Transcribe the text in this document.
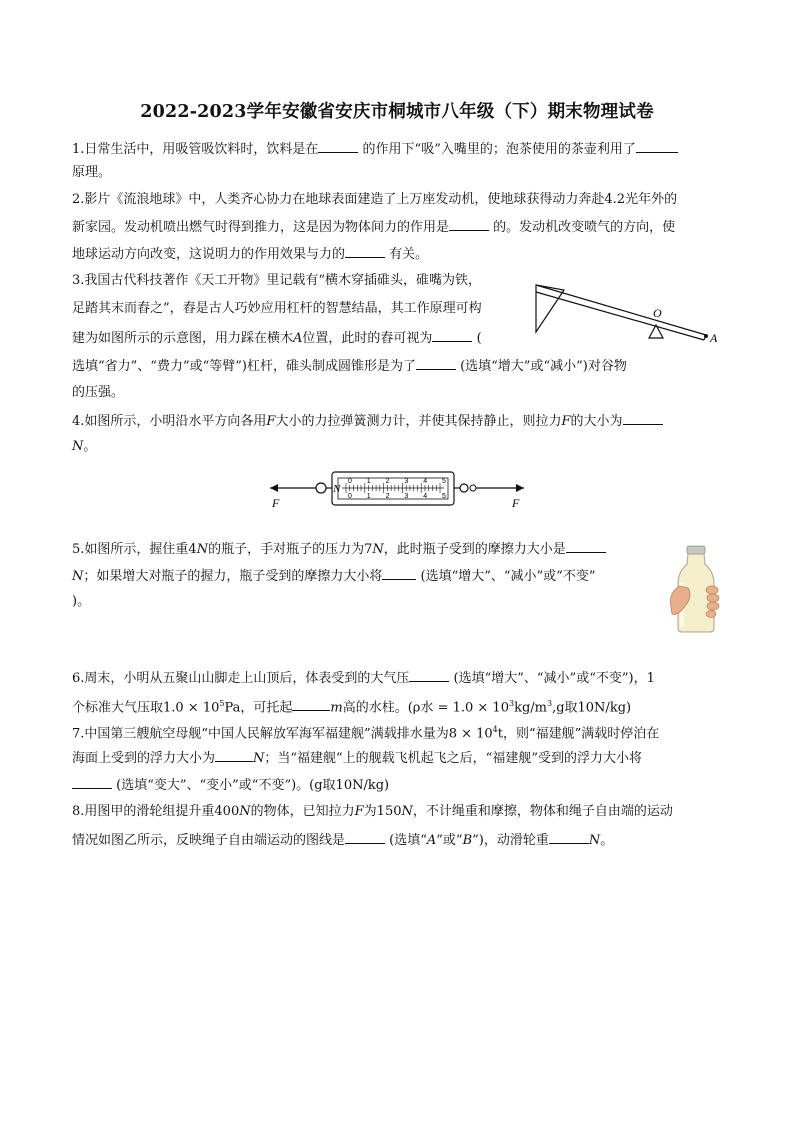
2022-2023学年安徽省安庆市桐城市八年级（下）期末物理试卷
1.日常生活中，用吸管吸饮料时，饮料是在	的作用下“吸”入嘴里的；泡茶使用的茶壶利用了
原理。
2.影片《流浪地球》中，人类齐心协力在地球表面建造了上万座发动机，使地球获得动力奔赴4.2光年外的
新家园。发动机喷出燃气时得到推力，这是因为物体间力的作用是	的。发动机改变喷气的方向，使
地球运动方向改变，这说明力的作用效果与力的	有关。
3.我国古代科技著作《天工开物》里记载有“横木穿插碓头，碓嘴为铁，
足踏其末而舂之”，舂是古人巧妙应用杠杆的智慧结晶，其工作原理可构
建为如图所示的示意图，用力踩在横木A位置，此时的舂可视为	(
选填“省力”、“费力”或“等臂”)杠杆，碓头制成圆锥形是为了	(选填“增大”或“减小”)对谷物
的压强。
O
A
4.如图所示，小明沿水平方向各用F大小的力拉弹簧测力计，并使其保持静止，则拉力F的大小为
N。
0 1 2 3 4 5
0 1 2 3 4 5
N
F	F
5.如图所示，握住重4N的瓶子，手对瓶子的压力为7N，此时瓶子受到的摩擦力大小是
N；如果增大对瓶子的握力，瓶子受到的摩擦力大小将	(选填“增大”、“减小”或“不变”
)。
6.周末，小明从五聚山山脚走上山顶后，体表受到的大气压	(选填“增大”、“减小”或“不变”)，1
个标准大气压取$1.0 \times 10^5Pa$，可托起	m高的水柱。(ρ水 = $1.0 \times 10^3kg/m^3,g$取10N/kg)
7.中国第三艘航空母舰“中国人民解放军海军福建舰”满载排水量为$8 \times 10^4t$，则“福建舰”满载时停泊在
海面上受到的浮力大小为	N；当“福建舰”上的舰载飞机起飞之后，“福建舰”受到的浮力大小将
(选填“变大”、“变小”或“不变”)。(g取10N/kg)
8.用图甲的滑轮组提升重400N的物体，已知拉力F为150N，不计绳重和摩擦，物体和绳子自由端的运动
情况如图乙所示，反映绳子自由端运动的图线是	(选填“A”或“B”)，动滑轮重	N。
